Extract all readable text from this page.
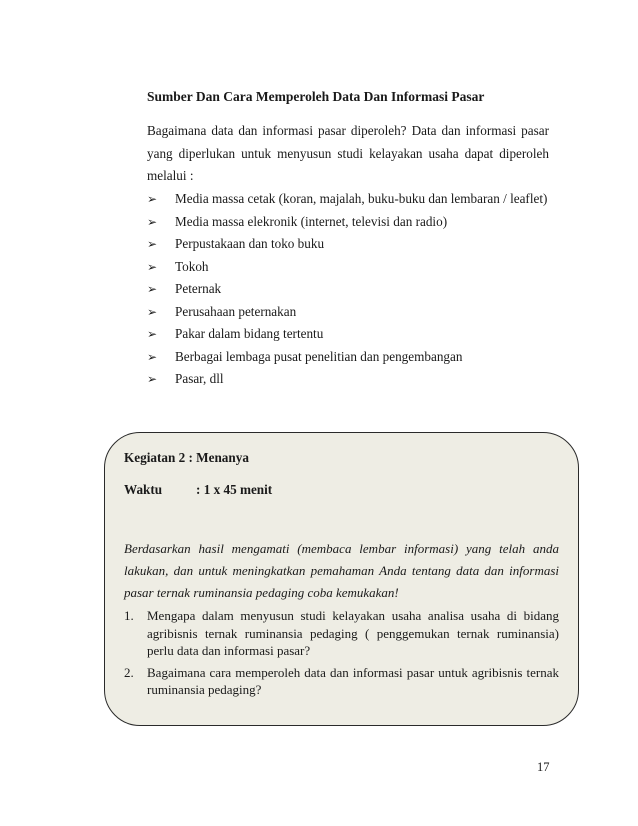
Sumber Dan Cara Memperoleh Data Dan Informasi Pasar
Bagaimana data dan informasi pasar diperoleh? Data dan informasi pasar yang diperlukan untuk menyusun studi kelayakan usaha dapat diperoleh melalui :
➢ Media massa cetak (koran, majalah, buku-buku dan lembaran / leaflet)
➢ Media massa elekronik (internet, televisi dan radio)
➢ Perpustakaan dan toko buku
➢ Tokoh
➢ Peternak
➢ Perusahaan peternakan
➢ Pakar dalam bidang tertentu
➢ Berbagai lembaga pusat penelitian dan pengembangan
➢ Pasar, dll
Kegiatan 2 : Menanya
Waktu	: 1 x 45 menit
Berdasarkan hasil mengamati (membaca lembar informasi) yang telah anda lakukan, dan untuk meningkatkan pemahaman Anda tentang data dan informasi pasar ternak ruminansia pedaging coba kemukakan!
1. Mengapa dalam menyusun studi kelayakan usaha analisa usaha di bidang agribisnis ternak ruminansia pedaging ( penggemukan ternak ruminansia) perlu data dan informasi pasar?
2. Bagaimana cara memperoleh data dan informasi pasar untuk agribisnis ternak ruminansia pedaging?
17
